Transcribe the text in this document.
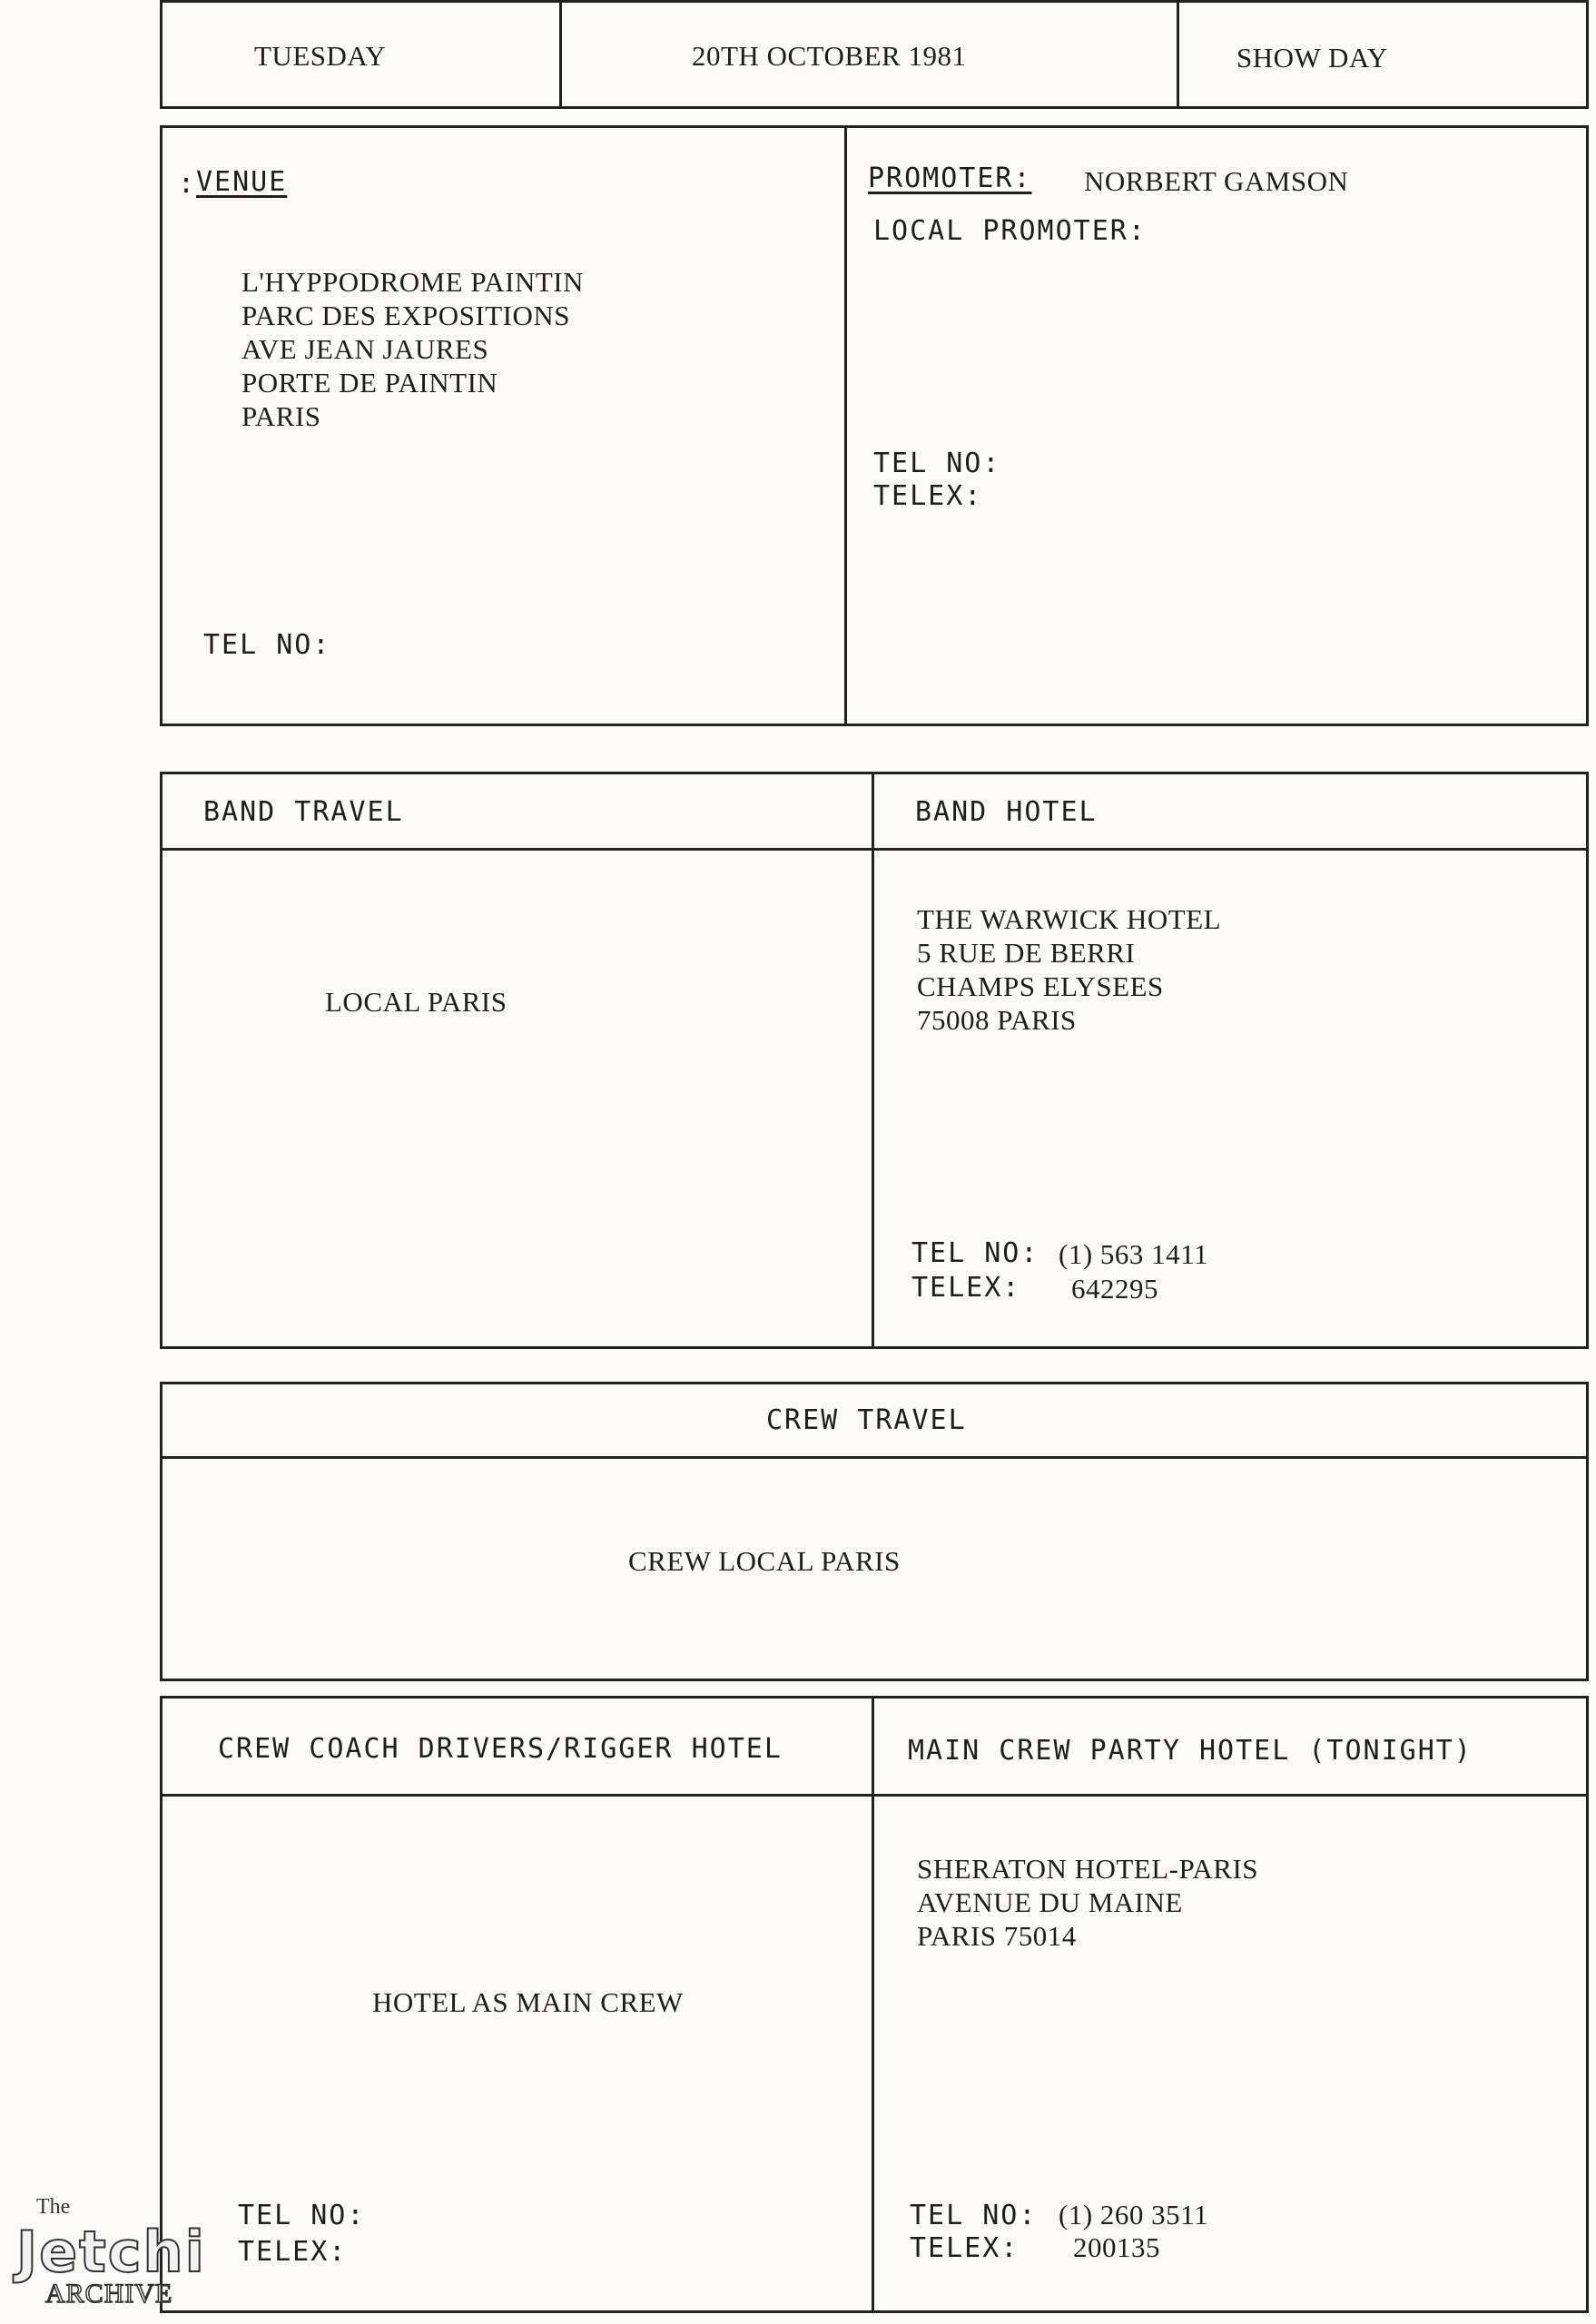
TUESDAY	20TH OCTOBER 1981	SHOW DAY
: VENUE
L'HYPPODROME PAINTIN
PARC DES EXPOSITIONS
AVE JEAN JAURES
PORTE DE PAINTIN
PARIS
TEL NO:
PROMOTER: NORBERT GAMSON
LOCAL PROMOTER:
TEL NO:
TELEX:
BAND TRAVEL
LOCAL PARIS
BAND HOTEL
THE WARWICK HOTEL
5 RUE DE BERRI
CHAMPS ELYSEES
75008 PARIS
TEL NO: (1) 563 1411
TELEX: 642295
CREW TRAVEL
CREW LOCAL PARIS
CREW COACH DRIVERS/RIGGER HOTEL
HOTEL AS MAIN CREW
TEL NO:
TELEX:
MAIN CREW PARTY HOTEL (TONIGHT)
SHERATON HOTEL-PARIS
AVENUE DU MAINE
PARIS 75014
TEL NO: (1) 260 3511
TELEX: 200135
The
Jetchi
ARCHIVE
